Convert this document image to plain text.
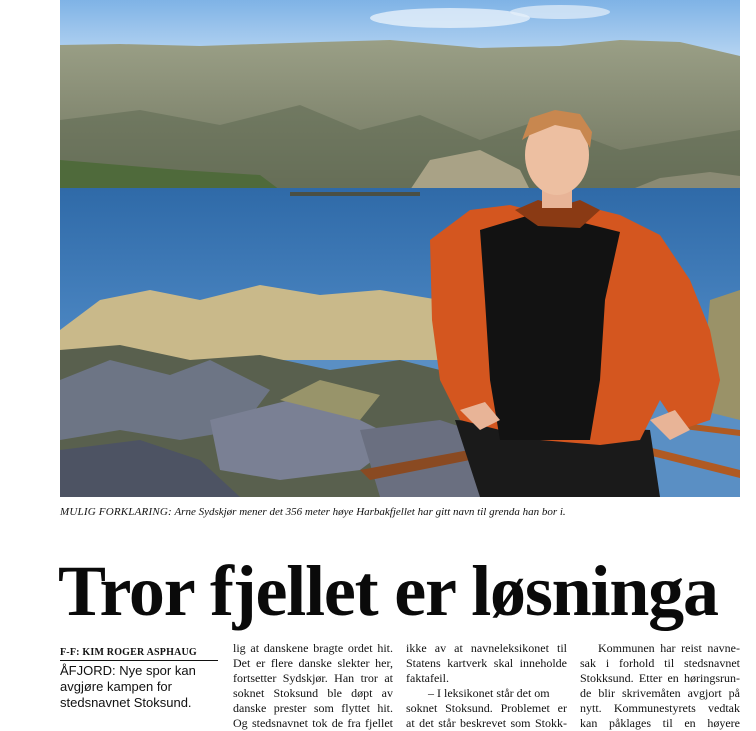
MULIG FORKLARING: Arne Sydskjør mener det 356 meter høye Harbakfjellet har gitt navn til grenda han bor i.
Tror fjellet er løsninga
F-F: KIM ROGER ASPHAUG
ÅFJORD: Nye spor kan avgjøre kampen for stedsnavnet Stoksund.
lig at danskene bragte ordet hit.
Det er flere danske slekter her,
fortsetter Sydskjør. Han tror at
soknet Stoksund ble døpt av
danske prester som flyttet hit.
Og stedsnavnet tok de fra fjellet
ikke av at navneleksikonet til
Statens kartverk skal inneholde
faktafeil.
– I leksikonet står det om
soknet Stoksund. Problemet er
at det står beskrevet som Stokk-
Kommunen har reist navne-
sak i forhold til stedsnavnet
Stokksund. Etter en høringsrun-
de blir skrivemåten avgjort på
nytt. Kommunestyrets vedtak
kan påklages til en høyere
